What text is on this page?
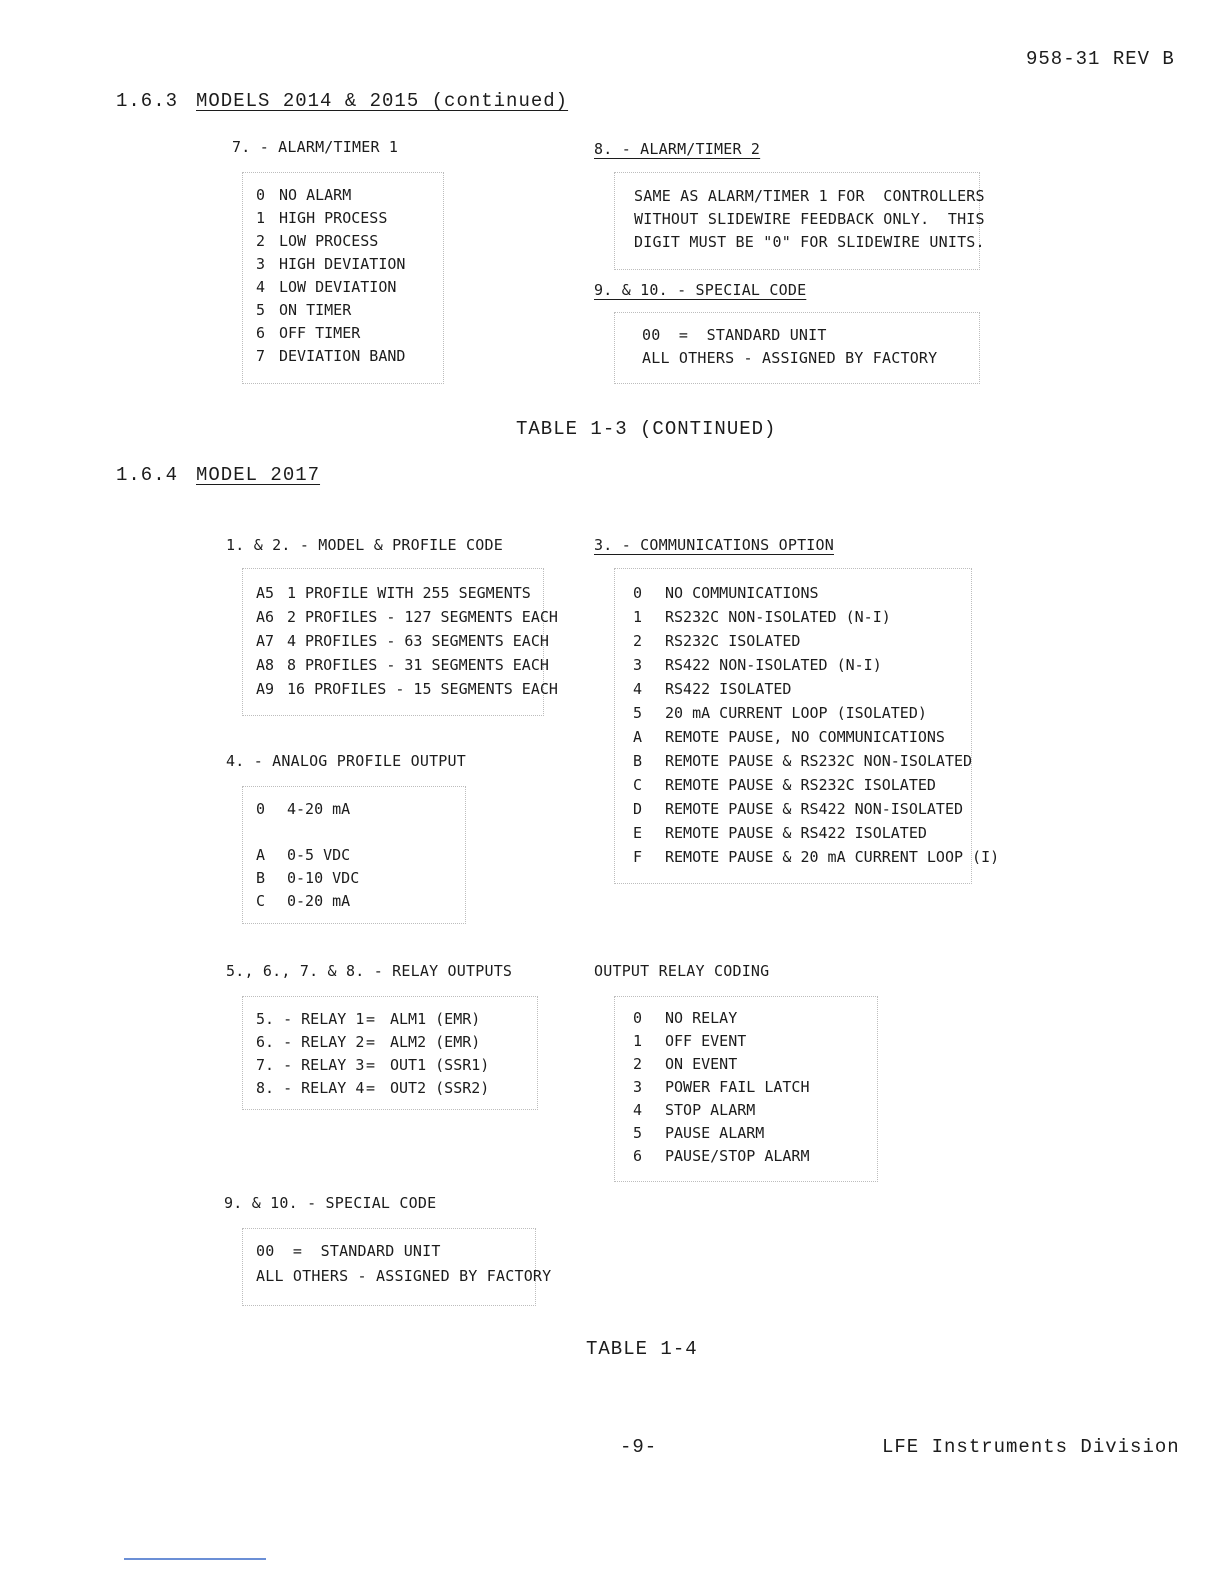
958-31 REV B
1.6.3 MODELS 2014 & 2015 (continued)
7. - ALARM/TIMER 1
0 NO ALARM
1 HIGH PROCESS
2 LOW PROCESS
3 HIGH DEVIATION
4 LOW DEVIATION
5 ON TIMER
6 OFF TIMER
7 DEVIATION BAND
8. - ALARM/TIMER 2
SAME AS ALARM/TIMER 1 FOR  CONTROLLERS
WITHOUT SLIDEWIRE FEEDBACK ONLY.  THIS
DIGIT MUST BE "0" FOR SLIDEWIRE UNITS.
9. & 10. - SPECIAL CODE
00  =  STANDARD UNIT
ALL OTHERS - ASSIGNED BY FACTORY
TABLE 1-3 (CONTINUED)
1.6.4 MODEL 2017
1. & 2. - MODEL & PROFILE CODE
A5 1 PROFILE WITH 255 SEGMENTS
A6 2 PROFILES - 127 SEGMENTS EACH
A7 4 PROFILES - 63 SEGMENTS EACH
A8 8 PROFILES - 31 SEGMENTS EACH
A9 16 PROFILES - 15 SEGMENTS EACH
3. - COMMUNICATIONS OPTION
0 NO COMMUNICATIONS
1 RS232C NON-ISOLATED (N-I)
2 RS232C ISOLATED
3 RS422 NON-ISOLATED (N-I)
4 RS422 ISOLATED
5 20 mA CURRENT LOOP (ISOLATED)
A REMOTE PAUSE, NO COMMUNICATIONS
B REMOTE PAUSE & RS232C NON-ISOLATED
C REMOTE PAUSE & RS232C ISOLATED
D REMOTE PAUSE & RS422 NON-ISOLATED
E REMOTE PAUSE & RS422 ISOLATED
F REMOTE PAUSE & 20 mA CURRENT LOOP (I)
4. - ANALOG PROFILE OUTPUT
0 4-20 mA
A 0-5 VDC
B 0-10 VDC
C 0-20 mA
5., 6., 7. & 8. - RELAY OUTPUTS
5. - RELAY 1 = ALM1 (EMR)
6. - RELAY 2 = ALM2 (EMR)
7. - RELAY 3 = OUT1 (SSR1)
8. - RELAY 4 = OUT2 (SSR2)
OUTPUT RELAY CODING
0 NO RELAY
1 OFF EVENT
2 ON EVENT
3 POWER FAIL LATCH
4 STOP ALARM
5 PAUSE ALARM
6 PAUSE/STOP ALARM
9. & 10. - SPECIAL CODE
00  =  STANDARD UNIT
ALL OTHERS - ASSIGNED BY FACTORY
TABLE 1-4
-9-	LFE Instruments Division
